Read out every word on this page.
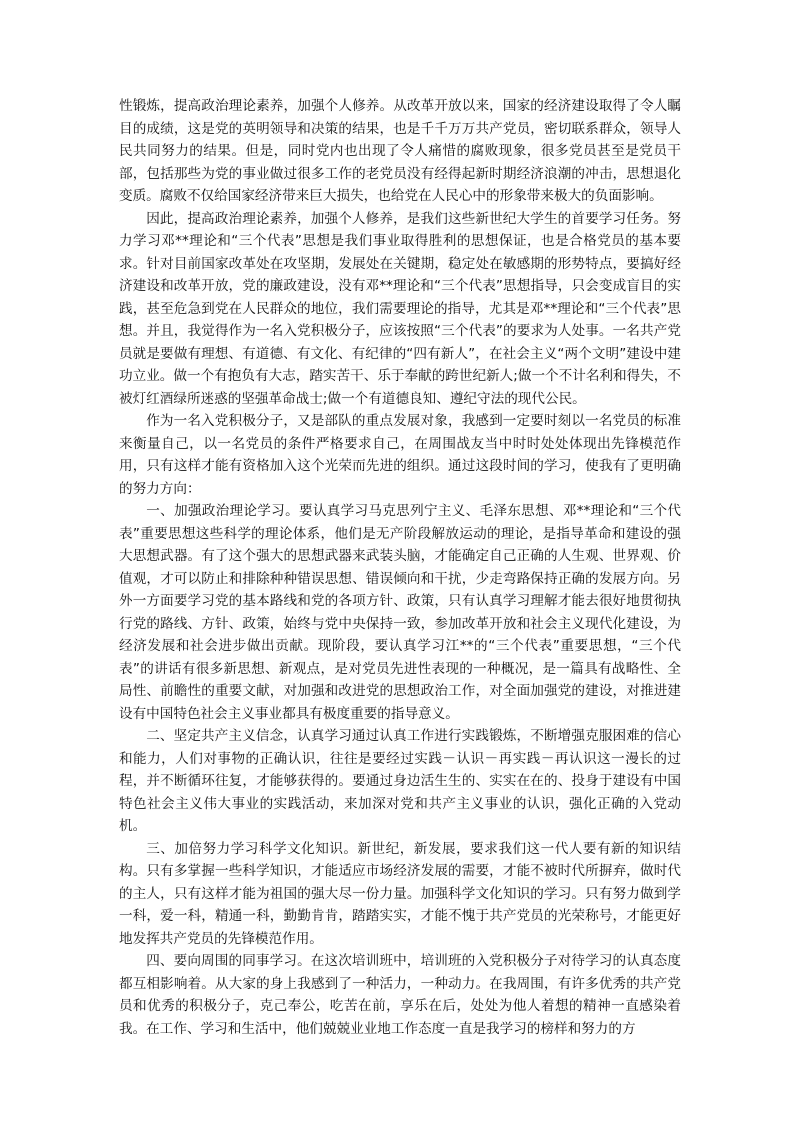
性锻炼，提高政治理论素养，加强个人修养。从改革开放以来，国家的经济建设取得了令人瞩目的成绩，这是党的英明领导和决策的结果，也是千千万万共产党员，密切联系群众，领导人民共同努力的结果。但是，同时党内也出现了令人痛惜的腐败现象，很多党员甚至是党员干部，包括那些为党的事业做过很多工作的老党员没有经得起新时期经济浪潮的冲击，思想退化变质。腐败不仅给国家经济带来巨大损失，也给党在人民心中的形象带来极大的负面影响。

因此，提高政治理论素养，加强个人修养，是我们这些新世纪大学生的首要学习任务。努力学习邓**理论和“三个代表”思想是我们事业取得胜利的思想保证，也是合格党员的基本要求。针对目前国家改革处在攻坚期，发展处在关键期，稳定处在敏感期的形势特点，要搞好经济建设和改革开放，党的廉政建设，没有邓**理论和“三个代表”思想指导，只会变成盲目的实践，甚至危急到党在人民群众的地位，我们需要理论的指导，尤其是邓**理论和“三个代表”思想。并且，我觉得作为一名入党积极分子，应该按照“三个代表”的要求为人处事。一名共产党员就是要做有理想、有道德、有文化、有纪律的“四有新人”，在社会主义“两个文明”建设中建功立业。做一个有抱负有大志，踏实苦干、乐于奉献的跨世纪新人;做一个不计名利和得失，不被灯红酒绿所迷惑的坚强革命战士;做一个有道德良知、遵纪守法的现代公民。

作为一名入党积极分子，又是部队的重点发展对象，我感到一定要时刻以一名党员的标准来衡量自己，以一名党员的条件严格要求自己，在周围战友当中时时处处体现出先锋模范作用，只有这样才能有资格加入这个光荣而先进的组织。通过这段时间的学习，使我有了更明确的努力方向：

一、加强政治理论学习。要认真学习马克思列宁主义、毛泽东思想、邓**理论和“三个代表”重要思想这些科学的理论体系，他们是无产阶段解放运动的理论，是指导革命和建设的强大思想武器。有了这个强大的思想武器来武装头脑，才能确定自己正确的人生观、世界观、价值观，才可以防止和排除种种错误思想、错误倾向和干扰，少走弯路保持正确的发展方向。另外一方面要学习党的基本路线和党的各项方针、政策，只有认真学习理解才能去很好地贯彻执行党的路线、方针、政策，始终与党中央保持一致，参加改革开放和社会主义现代化建设，为经济发展和社会进步做出贡献。现阶段，要认真学习江**的“三个代表”重要思想，“三个代表”的讲话有很多新思想、新观点，是对党员先进性表现的一种概况，是一篇具有战略性、全局性、前瞻性的重要文献，对加强和改进党的思想政治工作，对全面加强党的建设，对推进建设有中国特色社会主义事业都具有极度重要的指导意义。

二、坚定共产主义信念，认真学习通过认真工作进行实践锻炼，不断增强克服困难的信心和能力，人们对事物的正确认识，往往是要经过实践－认识－再实践－再认识这一漫长的过程，并不断循环往复，才能够获得的。要通过身边活生生的、实实在在的、投身于建设有中国特色社会主义伟大事业的实践活动，来加深对党和共产主义事业的认识，强化正确的入党动机。

三、加倍努力学习科学文化知识。新世纪，新发展，要求我们这一代人要有新的知识结构。只有多掌握一些科学知识，才能适应市场经济发展的需要，才能不被时代所摒弃，做时代的主人，只有这样才能为祖国的强大尽一份力量。加强科学文化知识的学习。只有努力做到学一科，爱一科，精通一科，勤勤肯肯，踏踏实实，才能不愧于共产党员的光荣称号，才能更好地发挥共产党员的先锋模范作用。

四、要向周围的同事学习。在这次培训班中，培训班的入党积极分子对待学习的认真态度都互相影响着。从大家的身上我感到了一种活力，一种动力。在我周围，有许多优秀的共产党员和优秀的积极分子，克己奉公，吃苦在前，享乐在后，处处为他人着想的精神一直感染着我。在工作、学习和生活中，他们兢兢业业地工作态度一直是我学习的榜样和努力的方
